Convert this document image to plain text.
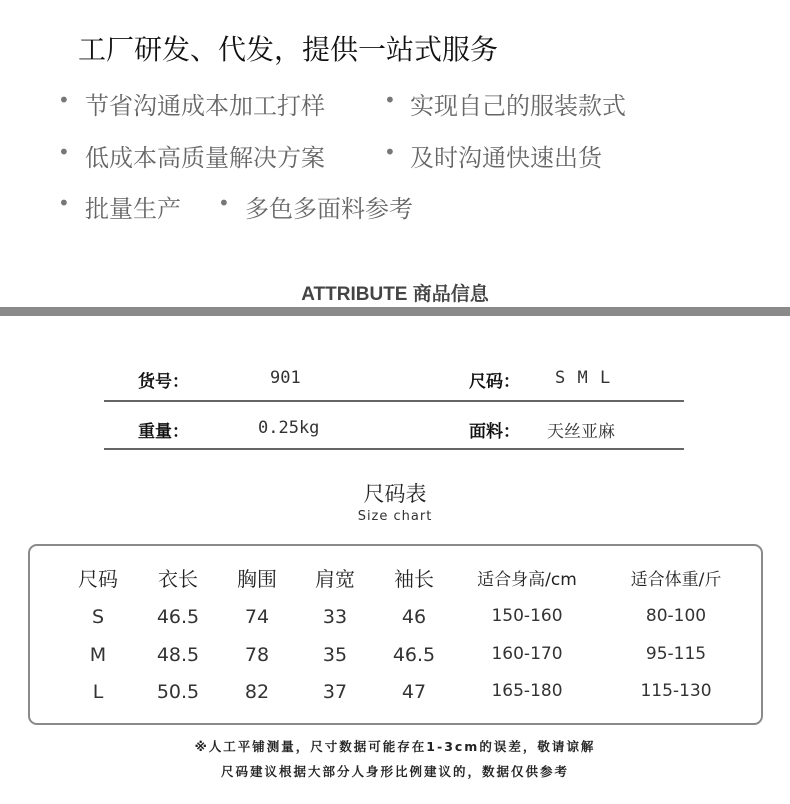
工厂研发、代发，提供一站式服务
• 节省沟通成本加工打样	• 实现自己的服装款式
• 低成本高质量解决方案	• 及时沟通快速出货
• 批量生产 • 多色多面料参考
ATTRIBUTE 商品信息
货号：	901	尺码： S M L
重量：	0.25kg	面料： 天丝亚麻
尺码表
Size chart
尺码 衣长 胸围 肩宽 袖长	适合身高/cm	适合体重/斤
S	46.5 74	33	46	150-160	80-100
M	48.5 78	35 46.5	160-170	95-115
L	50.5 82	37	47	165-180	115-130
※人工平铺测量，尺寸数据可能存在1-3cm的误差，敬请谅解
尺码建议根据大部分人身形比例建议的，数据仅供参考
